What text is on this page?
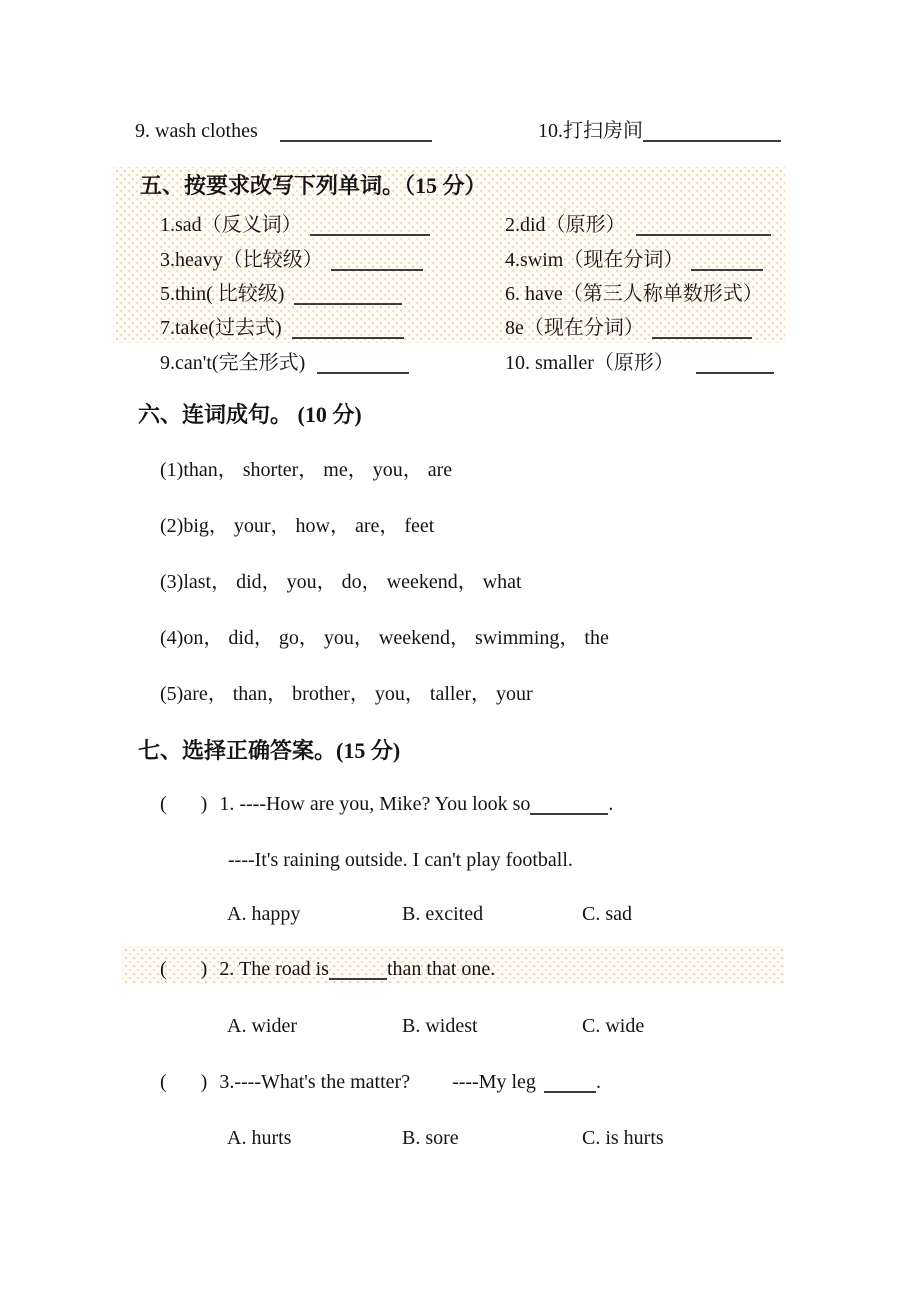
9. wash clothes	10.打扫房间
五、按要求改写下列单词。（15 分）
1.sad（反义词）	2.did（原形）
3.heavy（比较级）	4.swim（现在分词）
5.thin( 比较级)	6. have（第三人称单数形式）
7.take(过去式)	8e（现在分词）
9.can't(完全形式)	10. smaller（原形）
六、连词成句。 (10 分)
(1)than， shorter， me， you， are
(2)big， your， how， are， feet
(3)last， did， you， do， weekend， what
(4)on， did， go， you， weekend， swimming， the
(5)are， than， brother， you， taller， your
七、选择正确答案。(15 分)
( ) 1. ----How are you, Mike? You look so	.
----It's raining outside. I can't play football.
A. happy	B. excited	C. sad
( ) 2. The road is	than that one.
A. wider	B. widest	C. wide
( ) 3.----What's the matter? ----My leg	.
A. hurts	B. sore	C. is hurts
